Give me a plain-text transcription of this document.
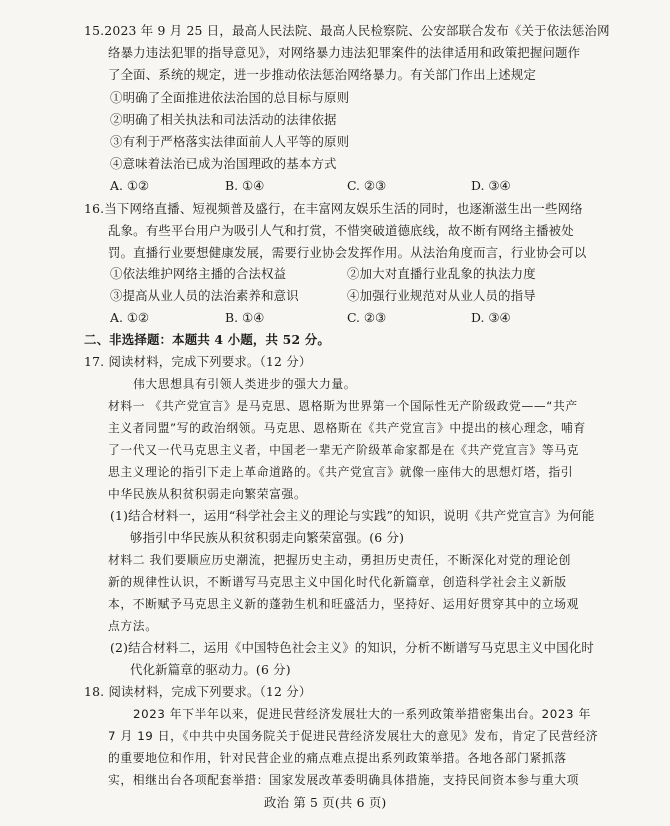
15.2023 年 9 月 25 日，最高人民法院、最高人民检察院、公安部联合发布《关于依法惩治网
络暴力违法犯罪的指导意见》，对网络暴力违法犯罪案件的法律适用和政策把握问题作
了全面、系统的规定，进一步推动依法惩治网络暴力。有关部门作出上述规定
①明确了全面推进依法治国的总目标与原则
②明确了相关执法和司法活动的法律依据
③有利于严格落实法律面前人人平等的原则
④意味着法治已成为治国理政的基本方式
A. ①②	B. ①④	C. ②③	D. ③④
16.当下网络直播、短视频普及盛行，在丰富网友娱乐生活的同时，也逐渐滋生出一些网络
乱象。有些平台用户为吸引人气和打赏，不惜突破道德底线，故不断有网络主播被处
罚。直播行业要想健康发展，需要行业协会发挥作用。从法治角度而言，行业协会可以
①依法维护网络主播的合法权益	②加大对直播行业乱象的执法力度
③提高从业人员的法治素养和意识	④加强行业规范对从业人员的指导
A. ①②	B. ①④	C. ②③	D. ③④
二、非选择题：本题共 4 小题，共 52 分。
17. 阅读材料，完成下列要求。（12 分）
伟大思想具有引领人类进步的强大力量。
材料一 《共产党宣言》是马克思、恩格斯为世界第一个国际性无产阶级政党——“共产
主义者同盟”写的政治纲领。马克思、恩格斯在《共产党宣言》中提出的核心理念，哺育
了一代又一代马克思主义者，中国老一辈无产阶级革命家都是在《共产党宣言》等马克
思主义理论的指引下走上革命道路的。《共产党宣言》就像一座伟大的思想灯塔，指引
中华民族从积贫积弱走向繁荣富强。
(1)结合材料一，运用“科学社会主义的理论与实践”的知识，说明《共产党宣言》为何能
够指引中华民族从积贫积弱走向繁荣富强。(6 分)
材料二 我们要顺应历史潮流，把握历史主动，勇担历史责任，不断深化对党的理论创
新的规律性认识，不断谱写马克思主义中国化时代化新篇章，创造科学社会主义新版
本，不断赋予马克思主义新的蓬勃生机和旺盛活力，坚持好、运用好贯穿其中的立场观
点方法。
(2)结合材料二，运用《中国特色社会主义》的知识，分析不断谱写马克思主义中国化时
代化新篇章的驱动力。(6 分)
18. 阅读材料，完成下列要求。（12 分）
2023 年下半年以来，促进民营经济发展壮大的一系列政策举措密集出台。2023 年
7 月 19 日，《中共中央国务院关于促进民营经济发展壮大的意见》发布，肯定了民营经济
的重要地位和作用，针对民营企业的痛点难点提出系列政策举措。各地各部门紧抓落
实，相继出台各项配套举措：国家发展改革委明确具体措施，支持民间资本参与重大项
政治 第 5 页(共 6 页)
